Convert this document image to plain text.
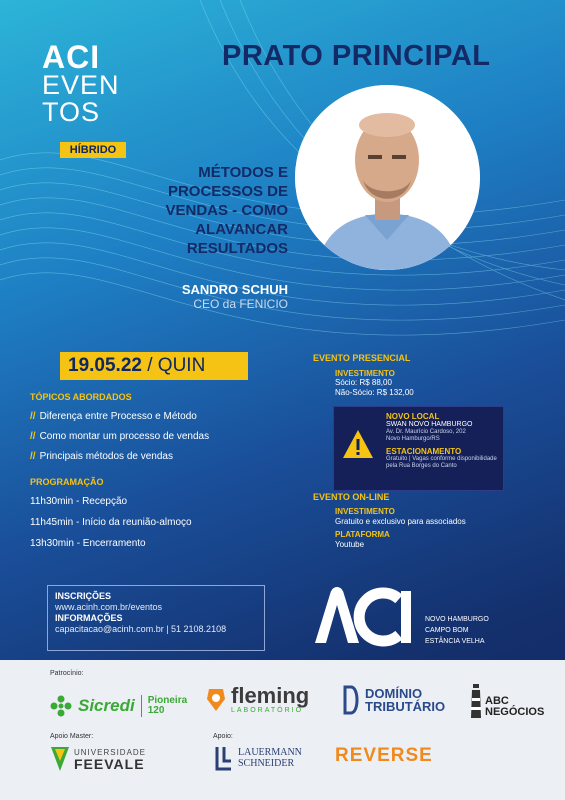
ACI
EVEN
TOS
HÍBRIDO
PRATO PRINCIPAL
MÉTODOS E
PROCESSOS DE
VENDAS - COMO
ALAVANCAR
RESULTADOS
SANDRO SCHUH
CEO da FENICIO
19.05.22 / QUIN
TÓPICOS ABORDADOS
// Diferença entre Processo e Método
// Como montar um processo de vendas
// Principais métodos de vendas
PROGRAMAÇÃO
11h30min - Recepção
11h45min - Início da reunião-almoço
13h30min - Encerramento
EVENTO PRESENCIAL
INVESTIMENTO
Sócio: R$ 88,00
Não-Sócio: R$ 132,00
NOVO LOCAL
SWAN NOVO HAMBURGO
Av. Dr. Maurício Cardoso, 202
Novo Hamburgo/RS
ESTACIONAMENTO
Gratuito | Vagas conforme disponibilidade
pela Rua Borges do Canto
EVENTO ON-LINE
INVESTIMENTO
Gratuito e exclusivo para associados
PLATAFORMA
Youtube
INSCRIÇÕES
www.acinh.com.br/eventos
INFORMAÇÕES
capacitacao@acinh.com.br | 51 2108.2108
NOVO HAMBURGO
CAMPO BOM
ESTÂNCIA VELHA
Patrocínio:
Apoio Master:	Apoio:
Sicredi Pioneira 120
fleming
LABORATÓRIO
DOMÍNIO
TRIBUTÁRIO	ABC
NEGÓCIOS
UNIVERSIDADE
FEEVALE
LAUERMANN
SCHNEIDER	REVERSE
